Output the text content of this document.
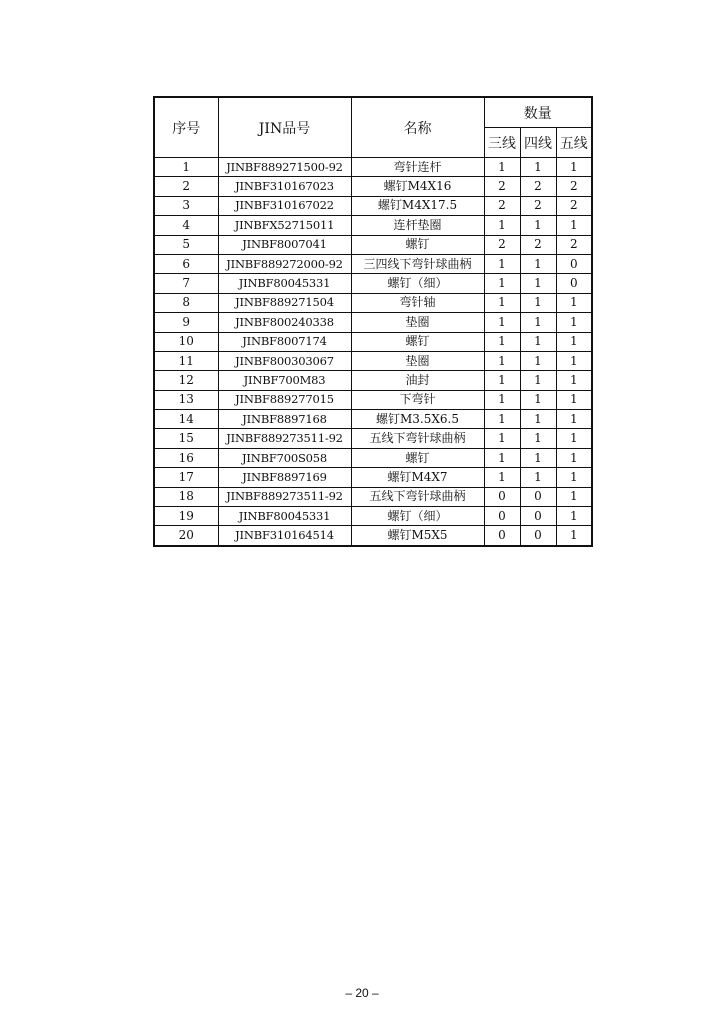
序号	JIN品号	名称	数量		
			三线	四线	五线
1	JINBF889271500-92	弯针连杆	1	1	1
2	JINBF310167023	螺钉M4X16	2	2	2
3	JINBF310167022	螺钉M4X17.5	2	2	2
4	JINBFX52715011	连杆垫圈	1	1	1
5	JINBF8007041	螺钉	2	2	2
6	JINBF889272000-92	三四线下弯针球曲柄	1	1	0
7	JINBF80045331	螺钉（细）	1	1	0
8	JINBF889271504	弯针轴	1	1	1
9	JINBF800240338	垫圈	1	1	1
10	JINBF8007174	螺钉	1	1	1
11	JINBF800303067	垫圈	1	1	1
12	JINBF700M83	油封	1	1	1
13	JINBF889277015	下弯针	1	1	1
14	JINBF8897168	螺钉M3.5X6.5	1	1	1
15	JINBF889273511-92	五线下弯针球曲柄	1	1	1
16	JINBF700S058	螺钉	1	1	1
17	JINBF8897169	螺钉M4X7	1	1	1
18	JINBF889273511-92	五线下弯针球曲柄	0	0	1
19	JINBF80045331	螺钉（细）	0	0	1
20	JINBF310164514	螺钉M5X5	0	0	1
– 20 –
